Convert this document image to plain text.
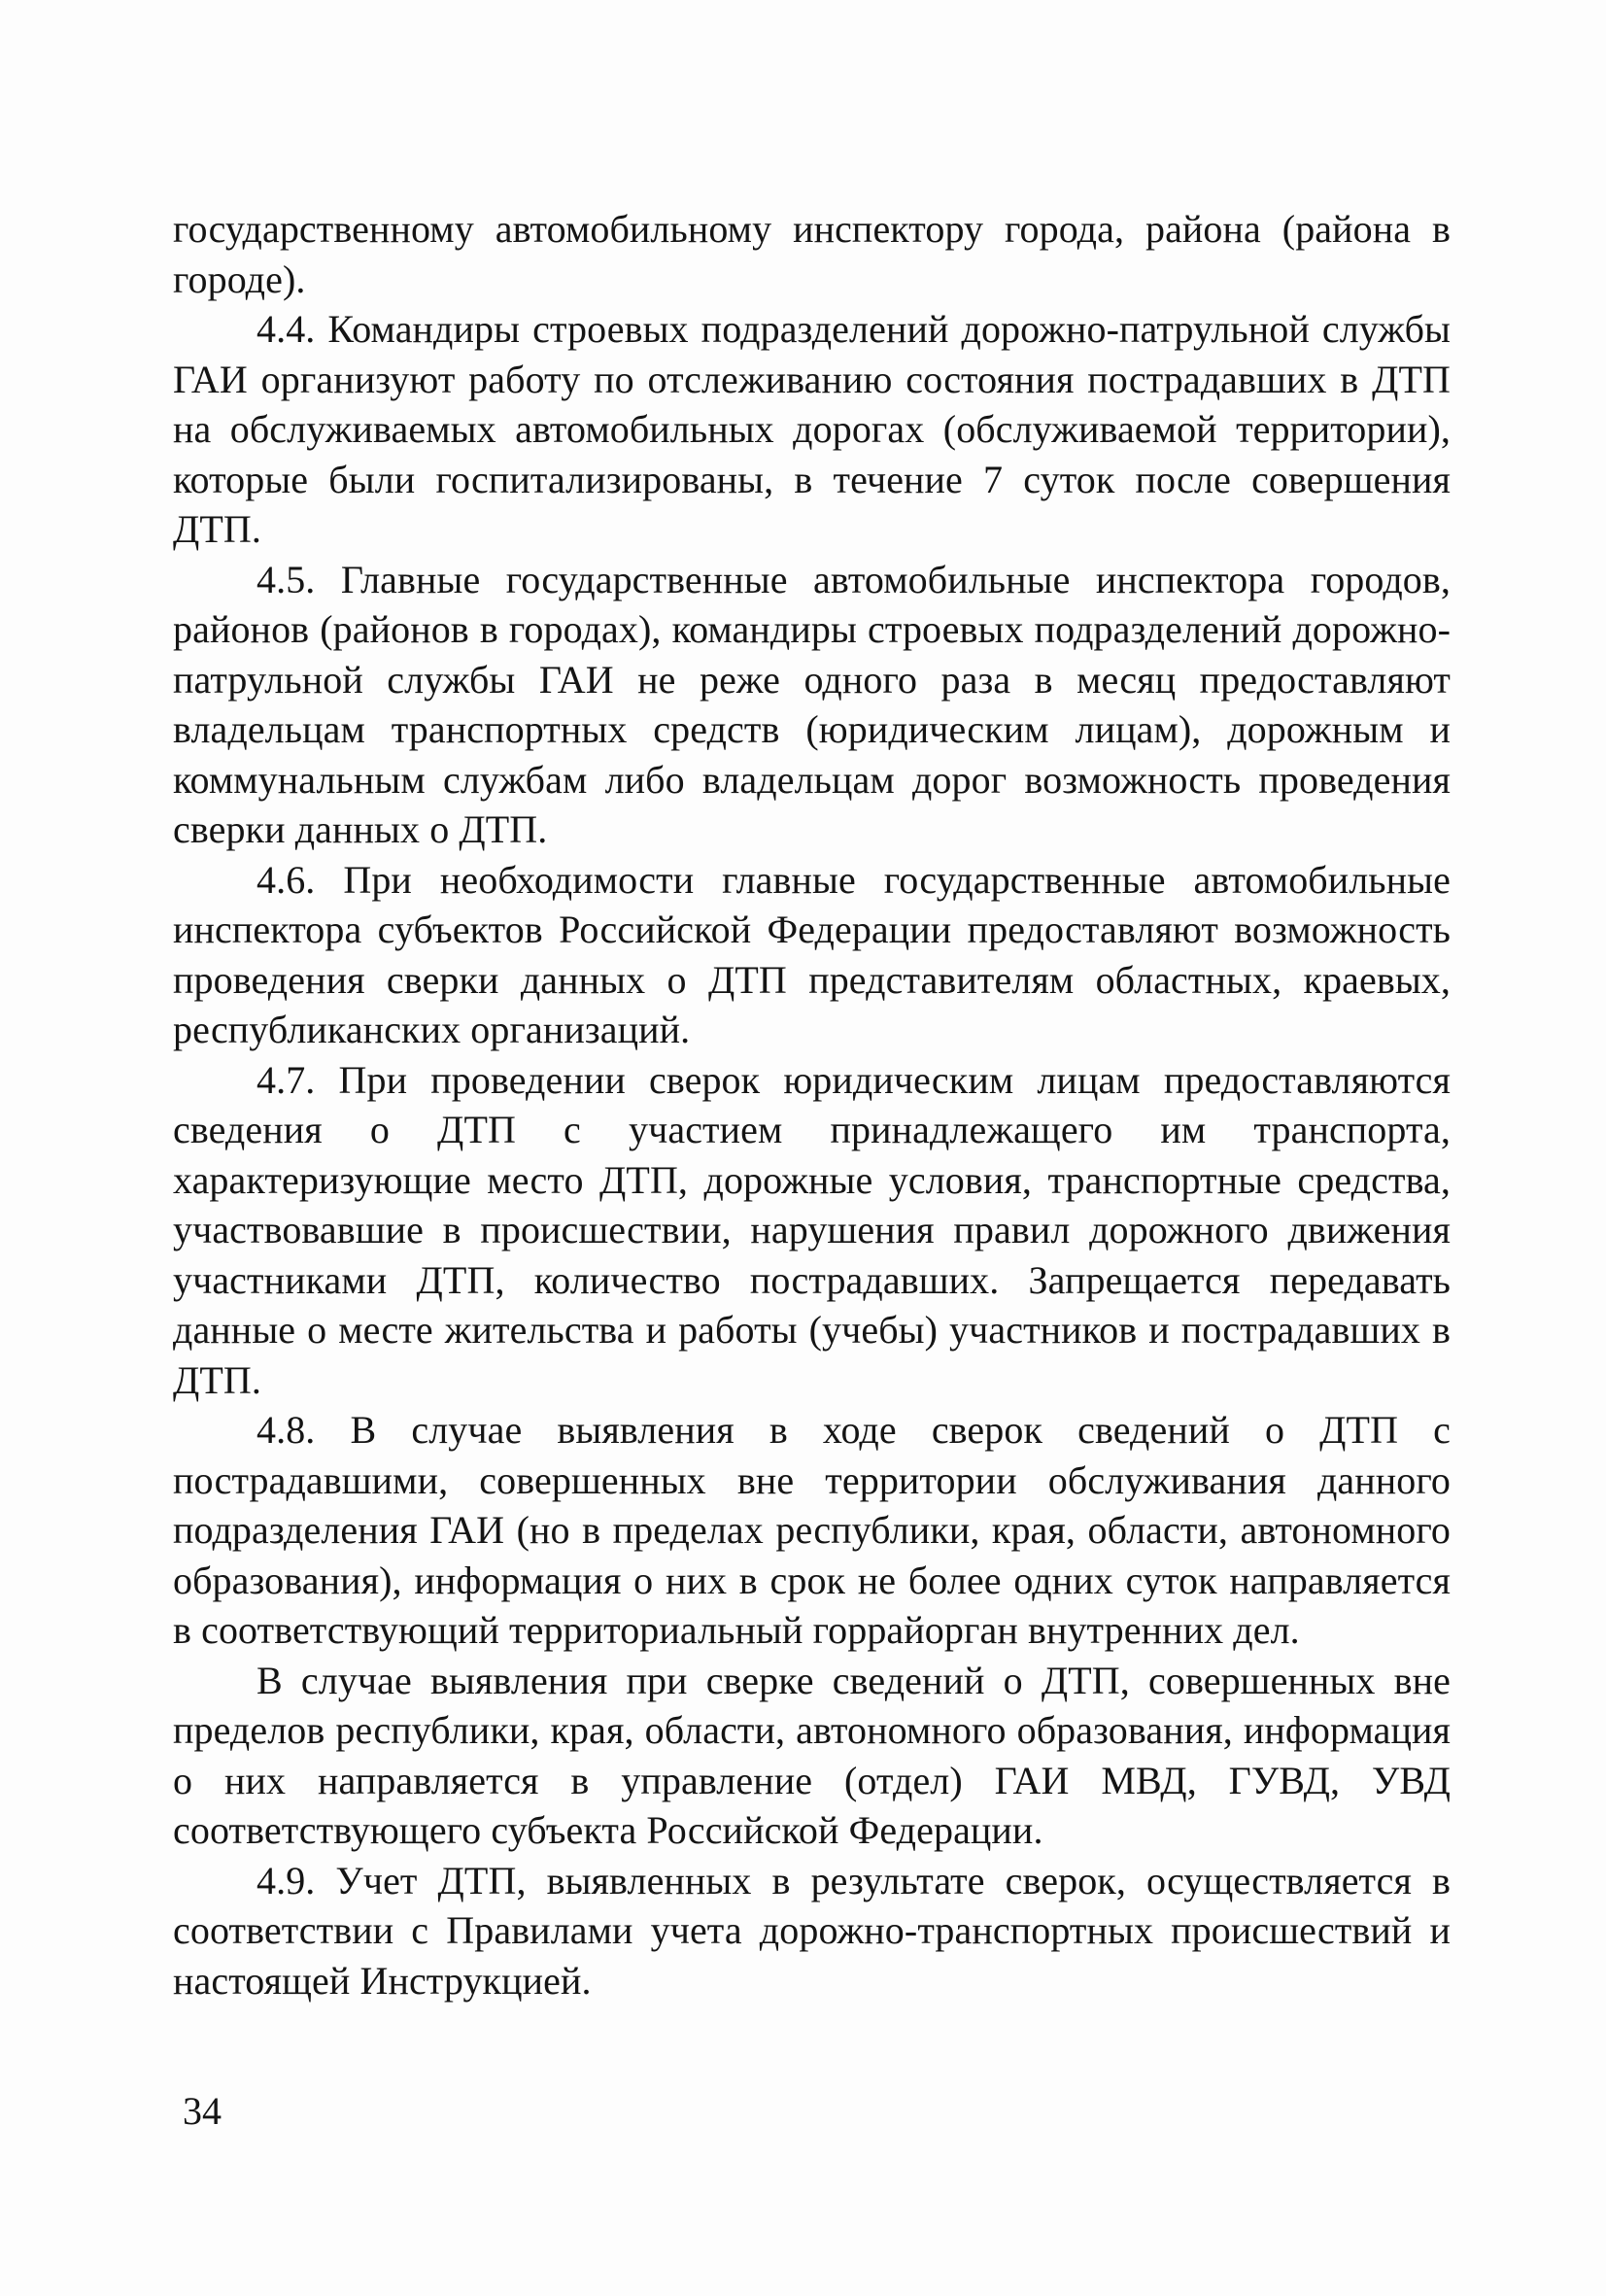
государственному автомобильному инспектору города, района (района в городе).

4.4. Командиры строевых подразделений дорожно-патрульной службы ГАИ организуют работу по отслеживанию состояния пострадавших в ДТП на обслуживаемых автомобильных дорогах (обслуживаемой территории), которые были госпитализированы, в течение 7 суток после совершения ДТП.

4.5. Главные государственные автомобильные инспектора городов, районов (районов в городах), командиры строевых подразделений дорожно-патрульной службы ГАИ не реже одного раза в месяц предоставляют владельцам транспортных средств (юридическим лицам), дорожным и коммунальным службам либо владельцам дорог возможность проведения сверки данных о ДТП.

4.6. При необходимости главные государственные автомобильные инспектора субъектов Российской Федерации предоставляют возможность проведения сверки данных о ДТП представителям областных, краевых, республиканских организаций.

4.7. При проведении сверок юридическим лицам предоставляются сведения о ДТП с участием принадлежащего им транспорта, характеризующие место ДТП, дорожные условия, транспортные средства, участвовавшие в происшествии, нарушения правил дорожного движения участниками ДТП, количество пострадавших. Запрещается передавать данные о месте жительства и работы (учебы) участников и пострадавших в ДТП.

4.8. В случае выявления в ходе сверок сведений о ДТП с пострадавшими, совершенных вне территории обслуживания данного подразделения ГАИ (но в пределах республики, края, области, автономного образования), информация о них в срок не более одних суток направляется в соответствующий территориальный горрайорган внутренних дел.

В случае выявления при сверке сведений о ДТП, совершенных вне пределов республики, края, области, автономного образования, информация о них направляется в управление (отдел) ГАИ МВД, ГУВД, УВД соответствующего субъекта Российской Федерации.

4.9. Учет ДТП, выявленных в результате сверок, осуществляется в соответствии с Правилами учета дорожно-транспортных происшествий и настоящей Инструкцией.

34
